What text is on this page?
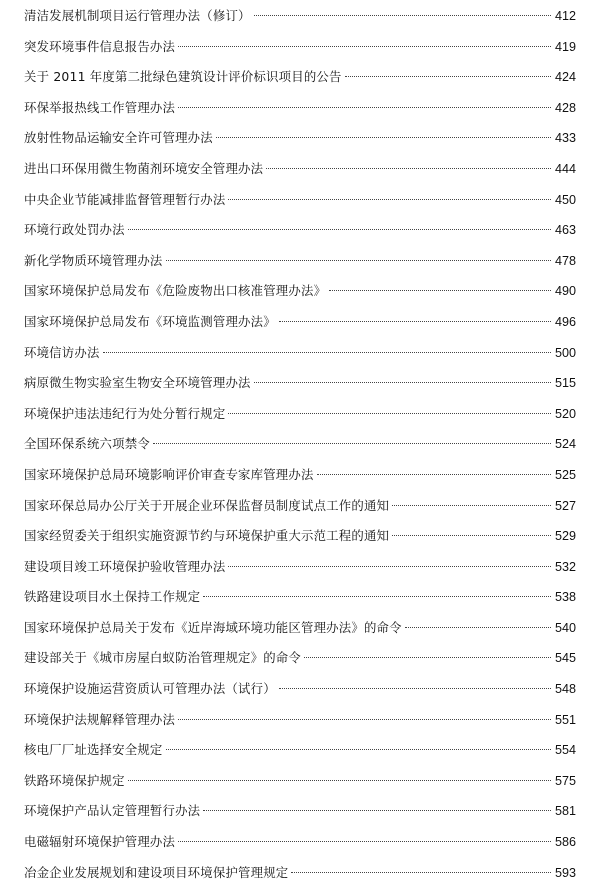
清洁发展机制项目运行管理办法（修订）	412
突发环境事件信息报告办法	419
关于 2011 年度第二批绿色建筑设计评价标识项目的公告	424
环保举报热线工作管理办法	428
放射性物品运输安全许可管理办法	433
进出口环保用微生物菌剂环境安全管理办法	444
中央企业节能减排监督管理暂行办法	450
环境行政处罚办法	463
新化学物质环境管理办法	478
国家环境保护总局发布《危险废物出口核准管理办法》	490
国家环境保护总局发布《环境监测管理办法》	496
环境信访办法	500
病原微生物实验室生物安全环境管理办法	515
环境保护违法违纪行为处分暂行规定	520
全国环保系统六项禁令	524
国家环境保护总局环境影响评价审查专家库管理办法	525
国家环保总局办公厅关于开展企业环保监督员制度试点工作的通知	527
国家经贸委关于组织实施资源节约与环境保护重大示范工程的通知	529
建设项目竣工环境保护验收管理办法	532
铁路建设项目水土保持工作规定	538
国家环境保护总局关于发布《近岸海域环境功能区管理办法》的命令	540
建设部关于《城市房屋白蚁防治管理规定》的命令	545
环境保护设施运营资质认可管理办法（试行）	548
环境保护法规解释管理办法	551
核电厂厂址选择安全规定	554
铁路环境保护规定	575
环境保护产品认定管理暂行办法	581
电磁辐射环境保护管理办法	586
冶金企业发展规划和建设项目环境保护管理规定	593
